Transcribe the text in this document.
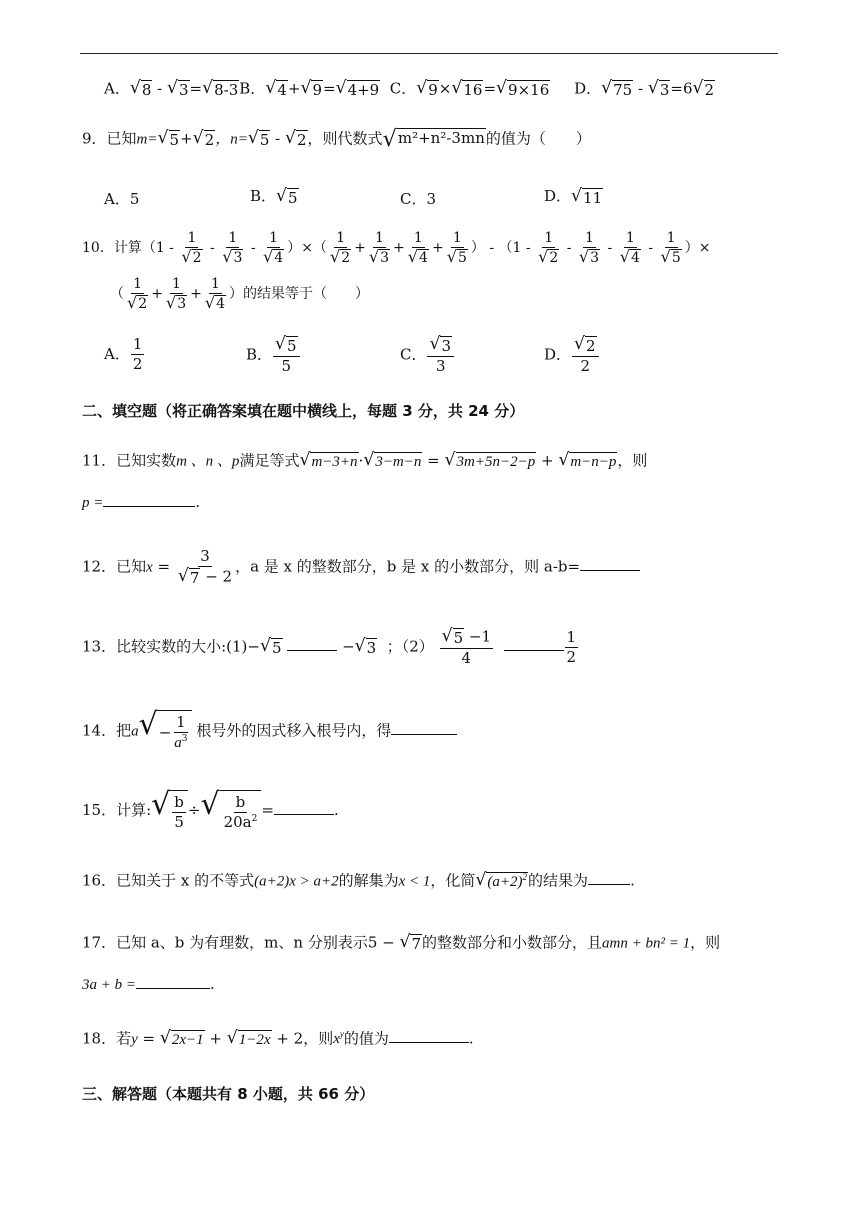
A． √ 8 - √ 3 = √ 8-3 B． √ 4 + √ 9 = √ 4+9 C． √ 9 × √ 16 = √ 9×16 D． √ 75 - √ 3 =6 √ 2
9．已知m= √ 5 + √ 2 ，n= √ 5 - √ 2 ，则代数式 √ m²+n²-3mn 的值为（　　）
A．5	B． √ 5	C．3	D． √ 11
10．计算（$1 - \frac{1}{√ 2} - \frac{1}{√ 3} - \frac{1}{√ 4}$ ）×（ $\frac{1}{√ 2} + \frac{1}{√ 3} + \frac{1}{√ 4} + \frac{1}{√ 5}$ ） - （$1 - \frac{1}{√ 2} - \frac{1}{√ 3} - \frac{1}{√ 4} - \frac{1}{√ 5}$ ）×
（ $\frac{1}{√ 2} + \frac{1}{√ 3} + \frac{1}{√ 4}$ ）的结果等于（　　）
A． $\frac{1}{2}$	B． $\frac{√ 5}{5}$	C． $\frac{√ 3}{3}$	D． $\frac{√ 2}{2}$
二、填空题（将正确答案填在题中横线上，每题 3 分，共 24 分）
11．已知实数m 、n 、p满足等式 √ m−3+n · √ 3−m−n = √ 3m+5n−2−p + √ m−n−p ，则
p =	.
12．已知$x = \frac{3}{√ 7 - 2}$ ，a 是 x 的整数部分，b 是 x 的小数部分，则 a-b=
13．比较实数的大小:(1)− √ 5	− √ 3 ；$(2) \frac{√ 5 -1}{4}$
	$\frac{1}{2}$
14．把a √ − $\frac{1}{a^3}$ 根号外的因式移入根号内，得
15．计算: √ $\frac{b}{5}$ ÷ √ $\frac{b}{20a^2}$ =	.
16．已知关于 x 的不等式(a+2)x > a+2的解集为x < 1，化简 √ $(a+2)^2$ 的结果为	.
17．已知 a、b 为有理数，m、n 分别表示5 − √ 7 的整数部分和小数部分，且amn + bn² = 1，则
3a + b =	.
18．若y = √ 2x−1 + √ 1−2x + 2，则$x^y$的值为	.
三、解答题（本题共有 8 小题，共 66 分）
